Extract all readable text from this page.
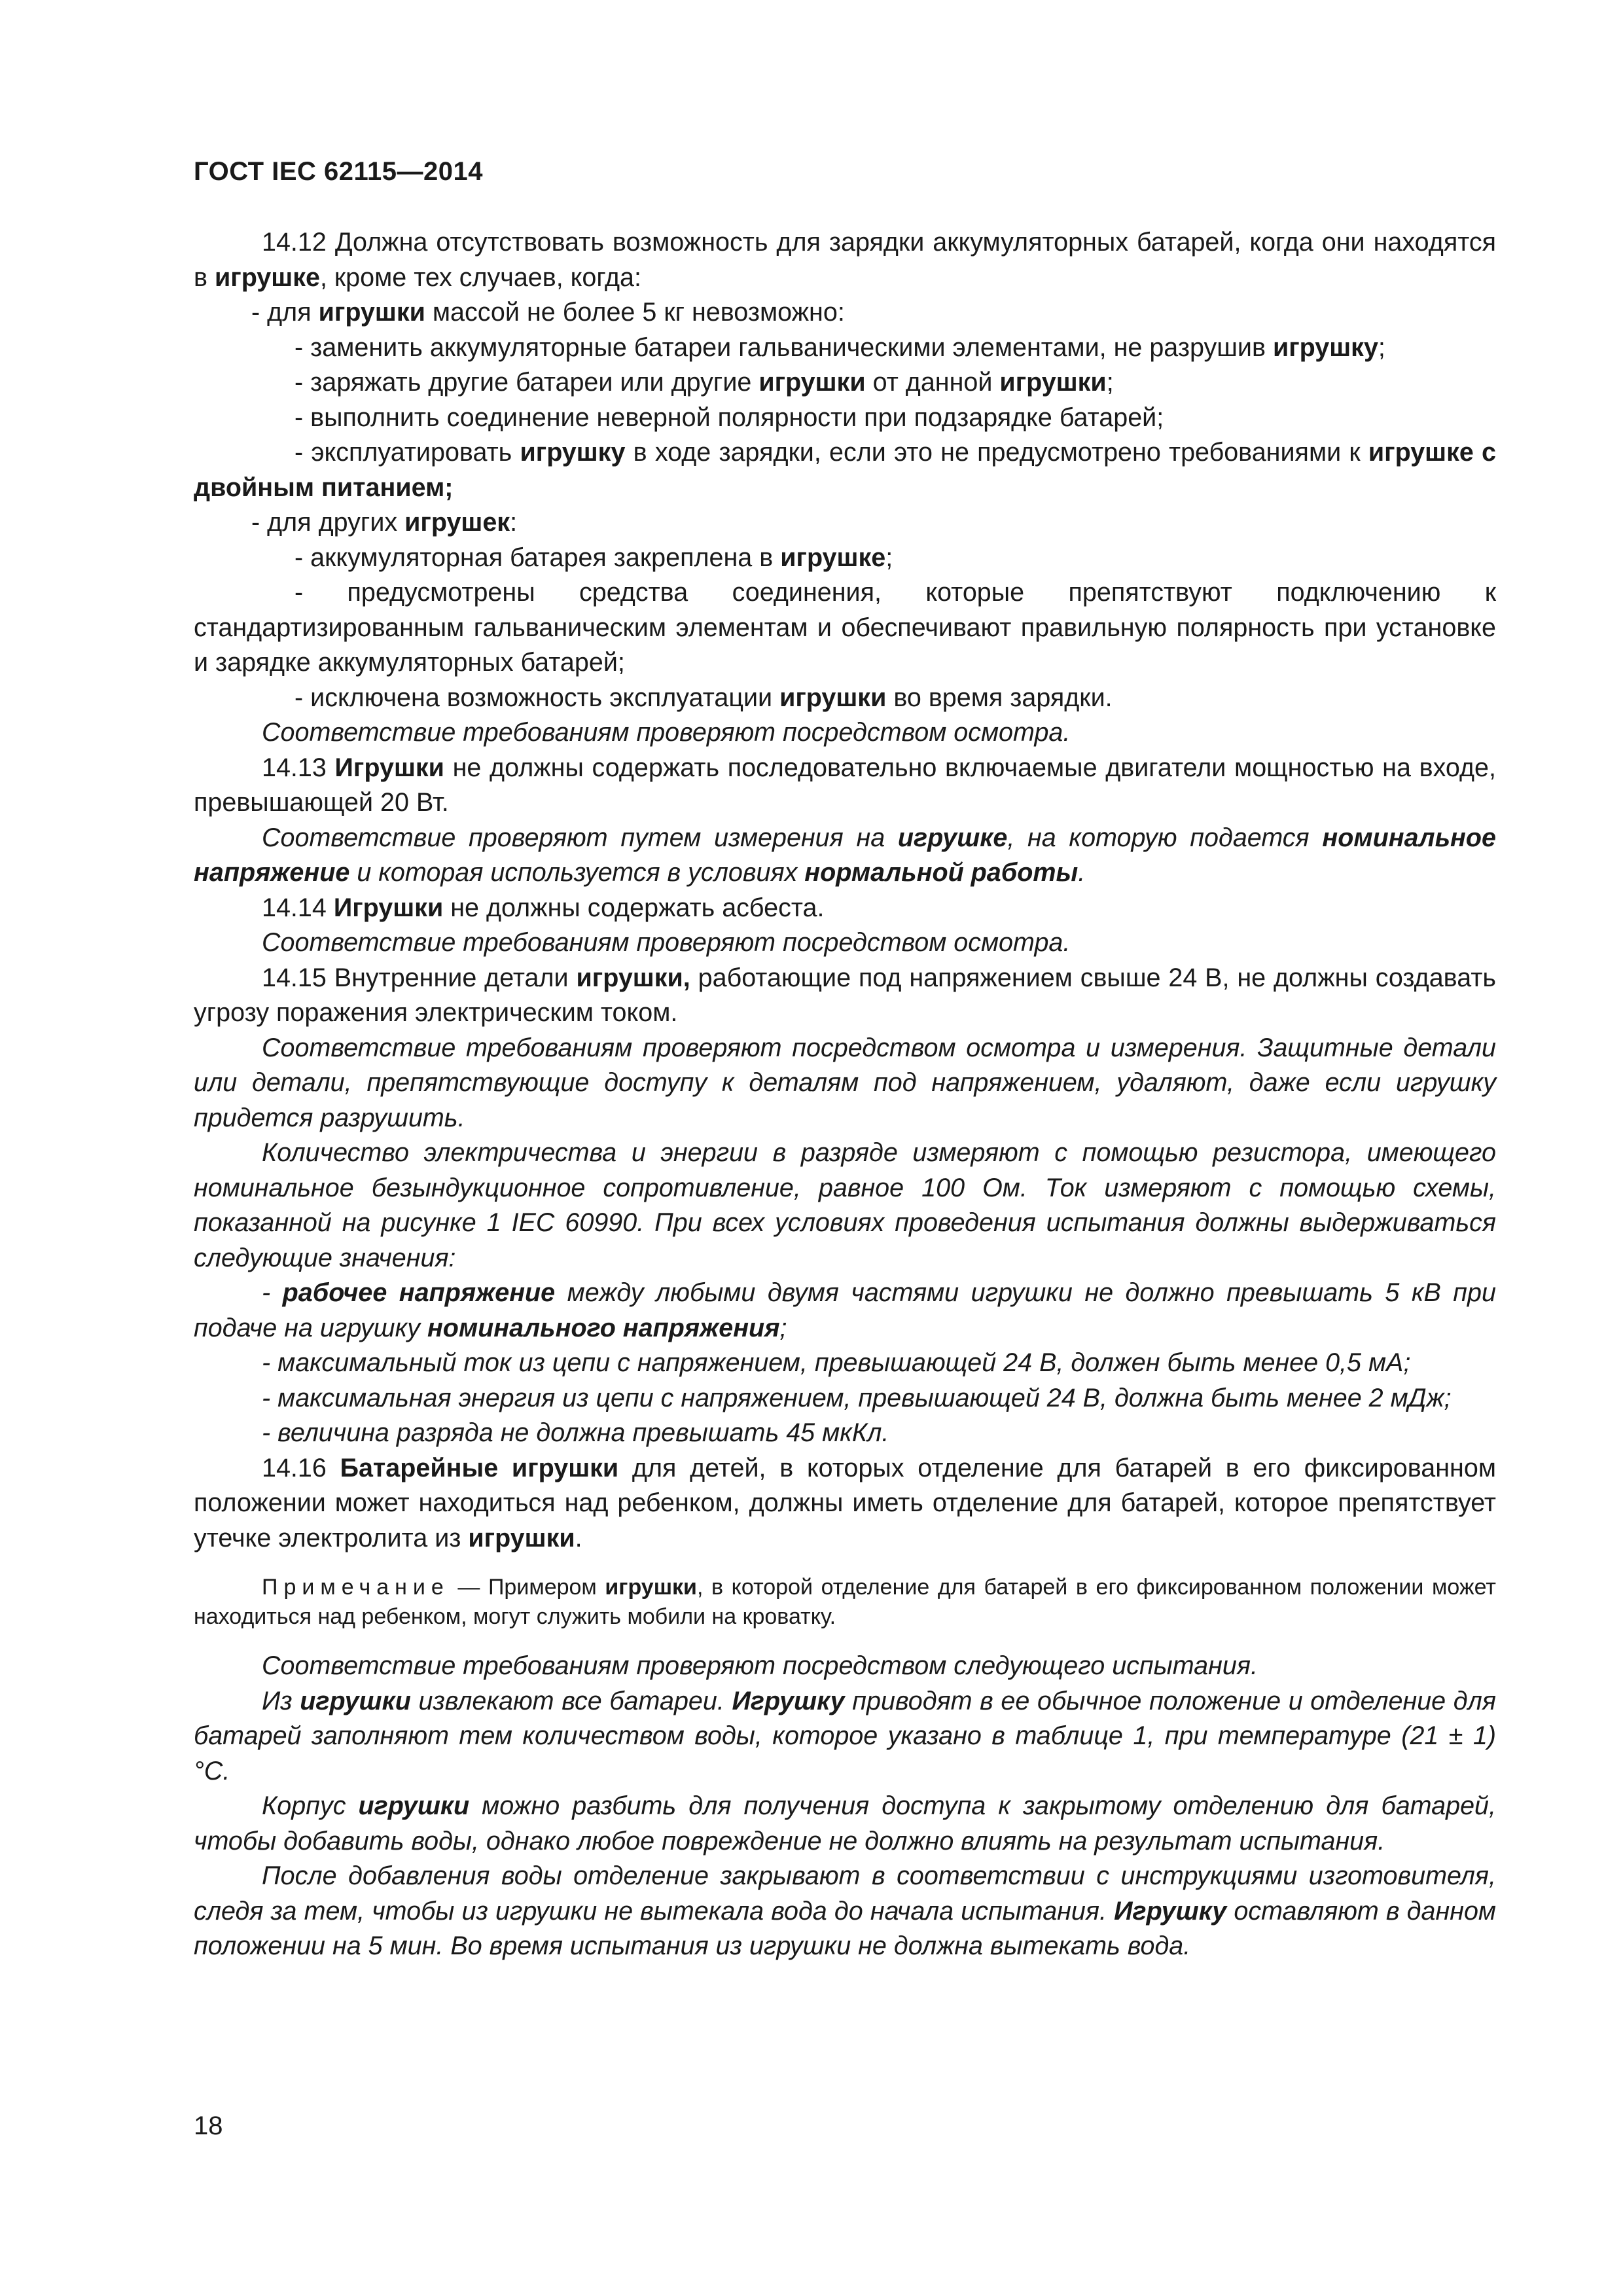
ГОСТ IEC 62115—2014

14.12 Должна отсутствовать возможность для зарядки аккумуляторных батарей, когда они находятся в игрушке, кроме тех случаев, когда:

- для игрушки массой не более 5 кг невозможно:

- заменить аккумуляторные батареи гальваническими элементами, не разрушив игрушку;

- заряжать другие батареи или другие игрушки от данной игрушки;

- выполнить соединение неверной полярности при подзарядке батарей;

- эксплуатировать игрушку в ходе зарядки, если это не предусмотрено требованиями к игрушке с двойным питанием;

- для других игрушек:

- аккумуляторная батарея закреплена в игрушке;

- предусмотрены средства соединения, которые препятствуют подключению к стандартизированным гальваническим элементам и обеспечивают правильную полярность при установке и зарядке аккумуляторных батарей;

- исключена возможность эксплуатации игрушки во время зарядки.

Соответствие требованиям проверяют посредством осмотра.

14.13 Игрушки не должны содержать последовательно включаемые двигатели мощностью на входе, превышающей 20 Вт.

Соответствие проверяют путем измерения на игрушке, на которую подается номинальное напряжение и которая используется в условиях нормальной работы.

14.14 Игрушки не должны содержать асбеста.

Соответствие требованиям проверяют посредством осмотра.

14.15 Внутренние детали игрушки, работающие под напряжением свыше 24 В, не должны создавать угрозу поражения электрическим током.

Соответствие требованиям проверяют посредством осмотра и измерения. Защитные детали или детали, препятствующие доступу к деталям под напряжением, удаляют, даже если игрушку придется разрушить.

Количество электричества и энергии в разряде измеряют с помощью резистора, имеющего номинальное безындукционное сопротивление, равное 100 Ом. Ток измеряют с помощью схемы, показанной на рисунке 1 IEC 60990. При всех условиях проведения испытания должны выдерживаться следующие значения:

- рабочее напряжение между любыми двумя частями игрушки не должно превышать 5 кВ при подаче на игрушку номинального напряжения;

- максимальный ток из цепи с напряжением, превышающей 24 В, должен быть менее 0,5 мА;

- максимальная энергия из цепи с напряжением, превышающей 24 В, должна быть менее 2 мДж;

- величина разряда не должна превышать 45 мкКл.

14.16 Батарейные игрушки для детей, в которых отделение для батарей в его фиксированном положении может находиться над ребенком, должны иметь отделение для батарей, которое препятствует утечке электролита из игрушки.

Примечание — Примером игрушки, в которой отделение для батарей в его фиксированном положении может находиться над ребенком, могут служить мобили на кроватку.

Соответствие требованиям проверяют посредством следующего испытания.

Из игрушки извлекают все батареи. Игрушку приводят в ее обычное положение и отделение для батарей заполняют тем количеством воды, которое указано в таблице 1, при температуре (21 ± 1) °С.

Корпус игрушки можно разбить для получения доступа к закрытому отделению для батарей, чтобы добавить воды, однако любое повреждение не должно влиять на результат испытания.

После добавления воды отделение закрывают в соответствии с инструкциями изготовителя, следя за тем, чтобы из игрушки не вытекала вода до начала испытания. Игрушку оставляют в данном положении на 5 мин. Во время испытания из игрушки не должна вытекать вода.

18
